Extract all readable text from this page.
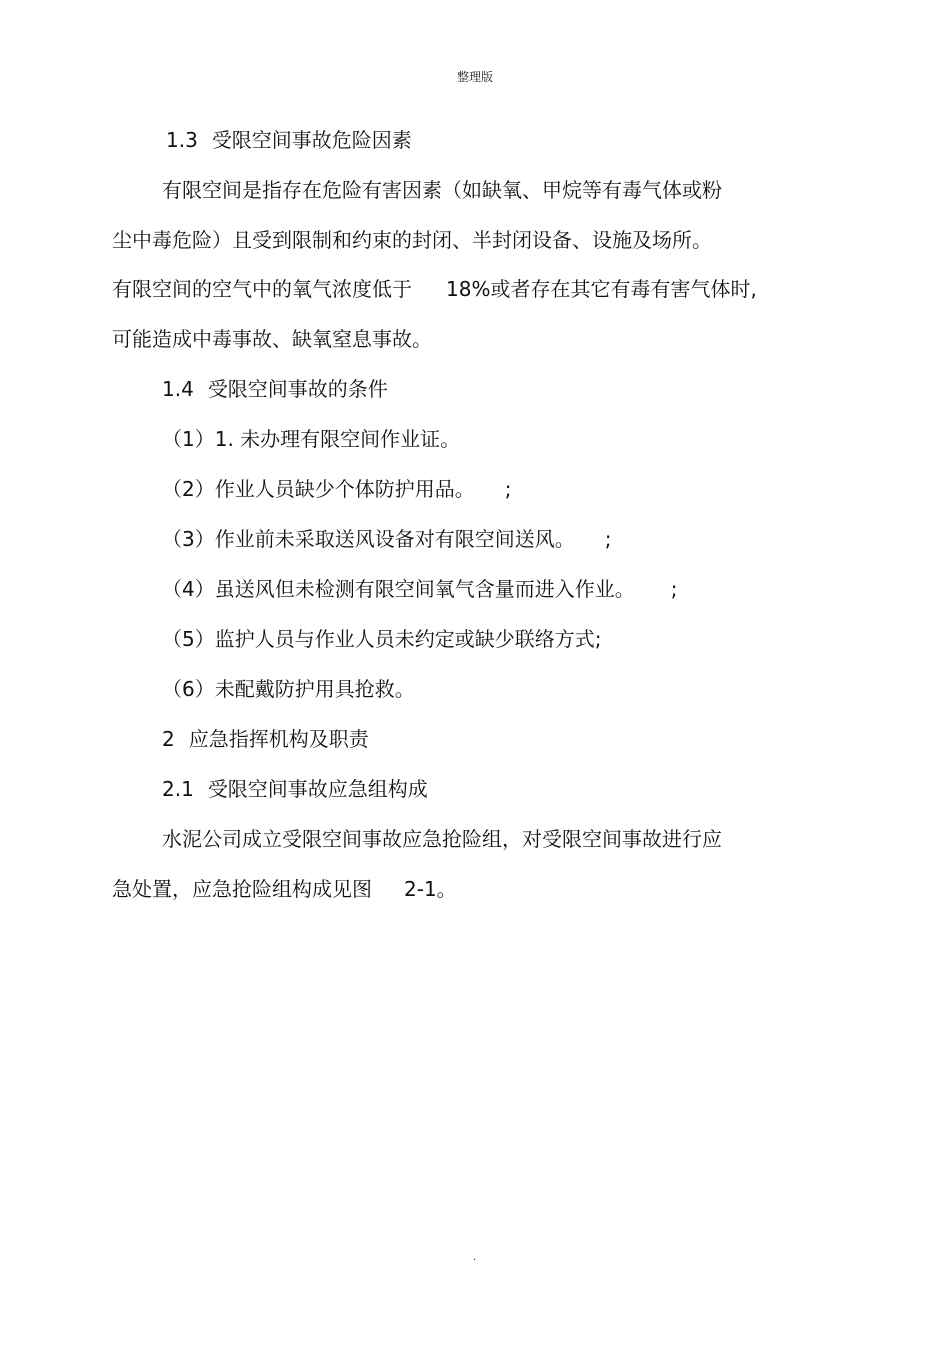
整理版
1.3 受限空间事故危险因素
有限空间是指存在危险有害因素（如缺氧、甲烷等有毒气体或粉
尘中毒危险）且受到限制和约束的封闭、半封闭设备、设施及场所。
有限空间的空气中的氧气浓度低于 18%或者存在其它有毒有害气体时,
可能造成中毒事故、缺氧窒息事故。
1.4 受限空间事故的条件
（1）1. 未办理有限空间作业证。
（2）作业人员缺少个体防护用品。 ;
（3）作业前未采取送风设备对有限空间送风。 ;
（4）虽送风但未检测有限空间氧气含量而进入作业。 ;
（5）监护人员与作业人员未约定或缺少联络方式;
（6）未配戴防护用具抢救。
2 应急指挥机构及职责
2.1 受限空间事故应急组构成
水泥公司成立受限空间事故应急抢险组，对受限空间事故进行应
急处置，应急抢险组构成见图 2-1。
.
